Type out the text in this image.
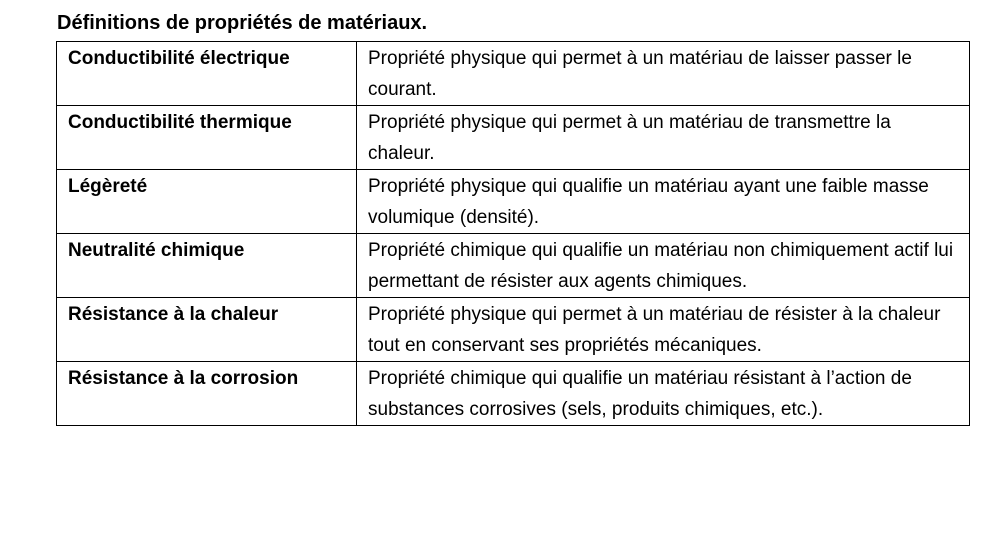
Définitions de propriétés de matériaux.
Conductibilité électrique	Propriété physique qui permet à un matériau de laisser passer le courant.
Conductibilité thermique	Propriété physique qui permet à un matériau de transmettre la chaleur.
Légèreté	Propriété physique qui qualifie un matériau ayant une faible masse volumique (densité).
Neutralité chimique	Propriété chimique qui qualifie un matériau non chimiquement actif lui permettant de résister aux agents chimiques.
Résistance à la chaleur	Propriété physique qui permet à un matériau de résister à la chaleur tout en conservant ses propriétés mécaniques.
Résistance à la corrosion	Propriété chimique qui qualifie un matériau résistant à l’action de substances corrosives (sels, produits chimiques, etc.).
